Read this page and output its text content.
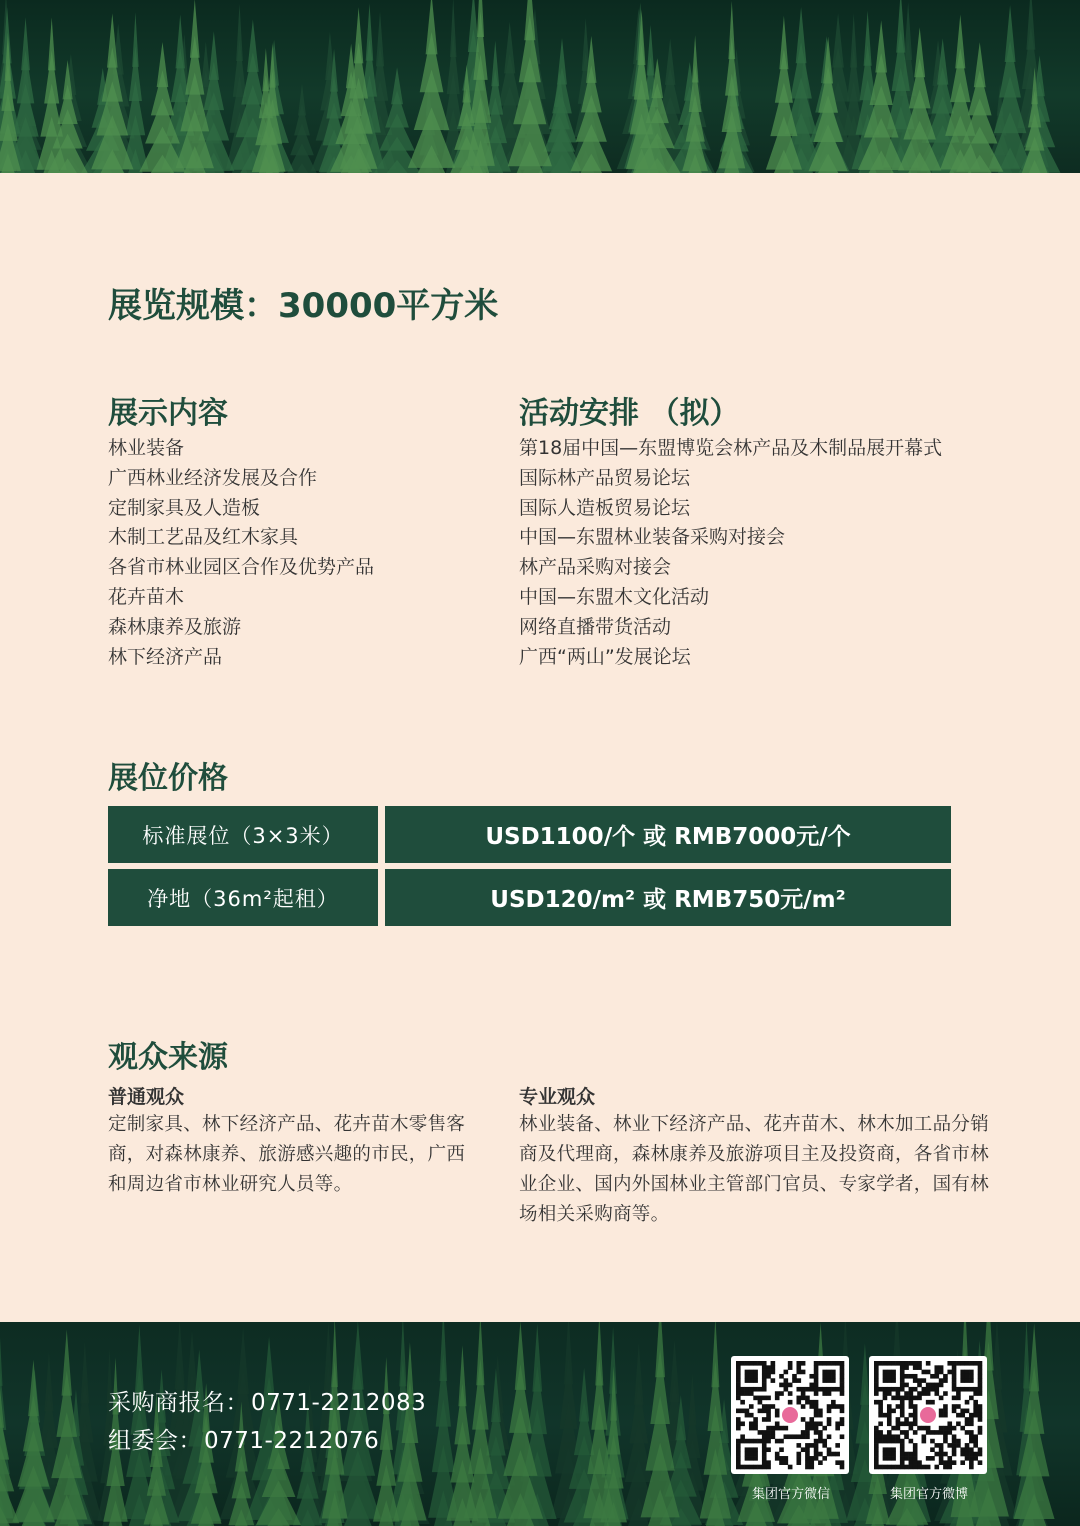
展览规模：30000平方米
展示内容
林业装备
广西林业经济发展及合作
定制家具及人造板
木制工艺品及红木家具
各省市林业园区合作及优势产品
花卉苗木
森林康养及旅游
林下经济产品
活动安排 （拟）
第18届中国—东盟博览会林产品及木制品展开幕式
国际林产品贸易论坛
国际人造板贸易论坛
中国—东盟林业装备采购对接会
林产品采购对接会
中国—东盟木文化活动
网络直播带货活动
广西“两山”发展论坛
展位价格
标准展位（3×3米）	USD1100/个 或 RMB7000元/个
净地（36m²起租）	USD120/m² 或 RMB750元/m²
观众来源
普通观众

定制家具、林下经济产品、花卉苗木零售客商，对森林康养、旅游感兴趣的市民，广西和周边省市林业研究人员等。

专业观众

林业装备、林业下经济产品、花卉苗木、林木加工品分销商及代理商，森林康养及旅游项目主及投资商，各省市林业企业、国内外国林业主管部门官员、专家学者，国有林场相关采购商等。

采购商报名：0771-2212083
组委会：0771-2212076
集团官方微信	集团官方微博
